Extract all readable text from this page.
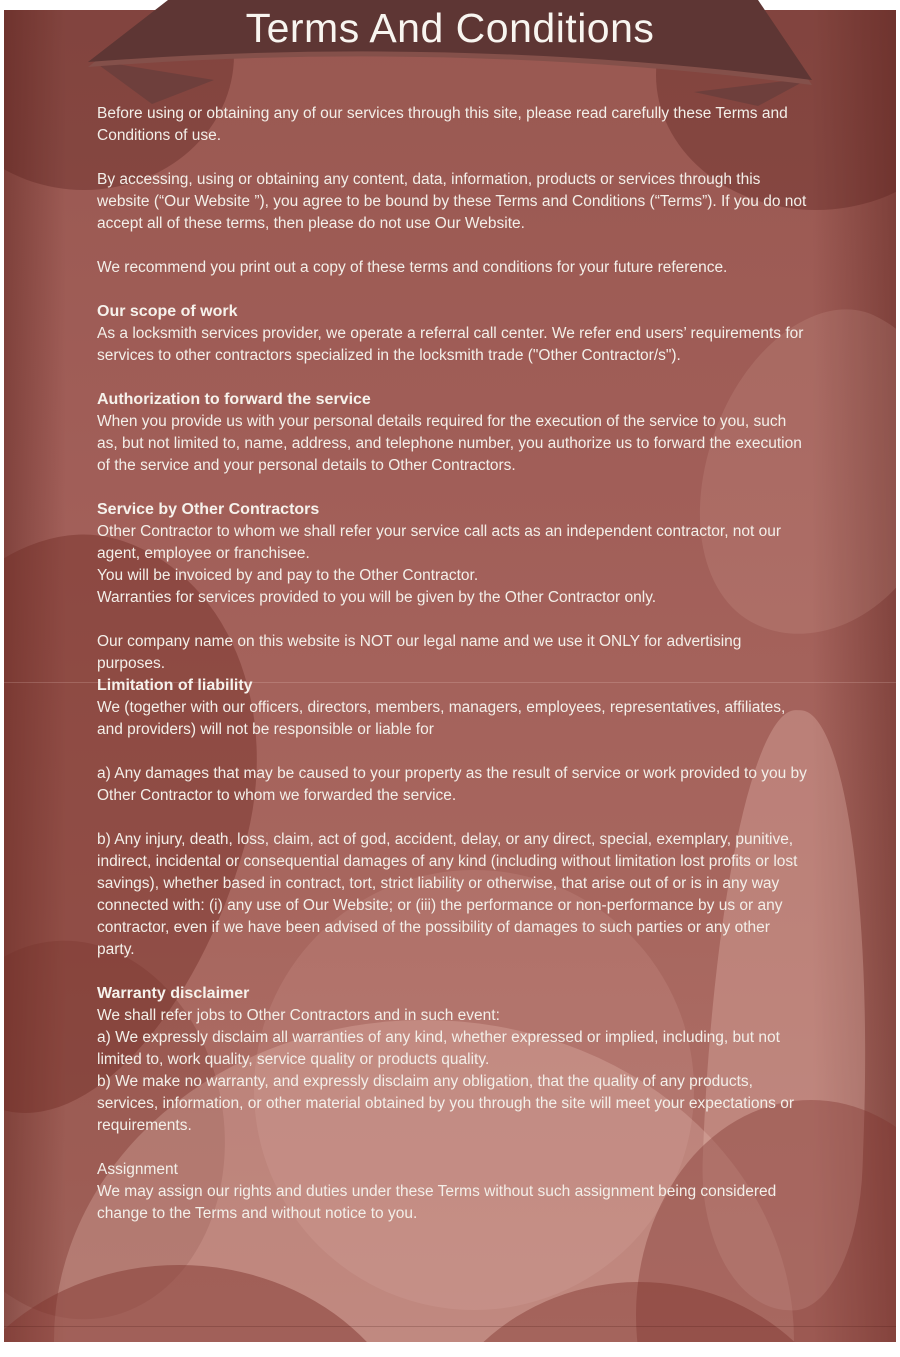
Terms And Conditions

Before using or obtaining any of our services through this site, please read carefully these Terms and Conditions of use.

By accessing, using or obtaining any content, data, information, products or services through this website (“Our Website ”), you agree to be bound by these Terms and Conditions (“Terms”). If you do not accept all of these terms, then please do not use Our Website.

We recommend you print out a copy of these terms and conditions for your future reference.

Our scope of work

As a locksmith services provider, we operate a referral call center. We refer end users’ requirements for services to other contractors specialized in the locksmith trade ("Other Contractor/s").

Authorization to forward the service

When you provide us with your personal details required for the execution of the service to you, such as, but not limited to, name, address, and telephone number, you authorize us to forward the execution of the service and your personal details to Other Contractors.

Service by Other Contractors

Other Contractor to whom we shall refer your service call acts as an independent contractor, not our agent, employee or franchisee.

You will be invoiced by and pay to the Other Contractor.

Warranties for services provided to you will be given by the Other Contractor only.

Our company name on this website is NOT our legal name and we use it ONLY for advertising purposes.

Limitation of liability

We (together with our officers, directors, members, managers, employees, representatives, affiliates, and providers) will not be responsible or liable for

a) Any damages that may be caused to your property as the result of service or work provided to you by Other Contractor to whom we forwarded the service.

b) Any injury, death, loss, claim, act of god, accident, delay, or any direct, special, exemplary, punitive, indirect, incidental or consequential damages of any kind (including without limitation lost profits or lost savings), whether based in contract, tort, strict liability or otherwise, that arise out of or is in any way connected with: (i) any use of Our Website; or (iii) the performance or non-performance by us or any contractor, even if we have been advised of the possibility of damages to such parties or any other party.

Warranty disclaimer

We shall refer jobs to Other Contractors and in such event:

a) We expressly disclaim all warranties of any kind, whether expressed or implied, including, but not limited to, work quality, service quality or products quality.

b) We make no warranty, and expressly disclaim any obligation, that the quality of any products, services, information, or other material obtained by you through the site will meet your expectations or requirements.

Assignment

We may assign our rights and duties under these Terms without such assignment being considered change to the Terms and without notice to you.
